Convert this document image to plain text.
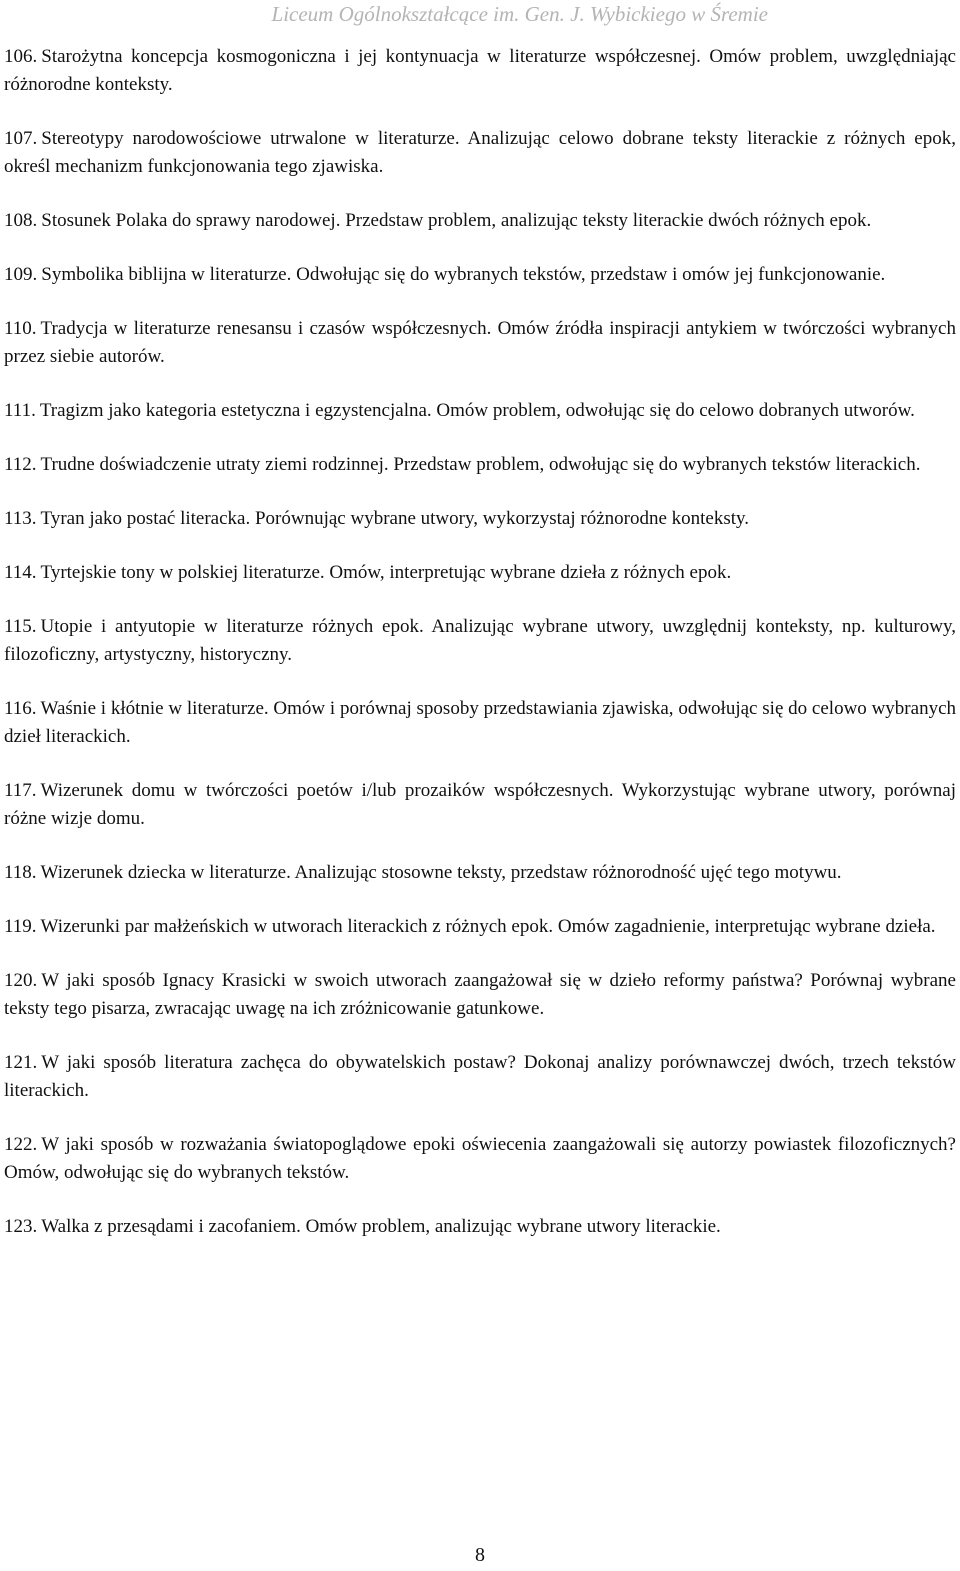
Liceum Ogólnokształcące im. Gen. J. Wybickiego w Śremie

106. Starożytna koncepcja kosmogoniczna i jej kontynuacja w literaturze współczesnej. Omów problem, uwzględniając różnorodne konteksty.

107. Stereotypy narodowościowe utrwalone w literaturze. Analizując celowo dobrane teksty literackie z różnych epok, określ mechanizm funkcjonowania tego zjawiska.

108. Stosunek Polaka do sprawy narodowej. Przedstaw problem, analizując teksty literackie dwóch różnych epok.

109. Symbolika biblijna w literaturze. Odwołując się do wybranych tekstów, przedstaw i omów jej funkcjonowanie.

110. Tradycja w literaturze renesansu i czasów współczesnych. Omów źródła inspiracji antykiem w twórczości wybranych przez siebie autorów.

111. Tragizm jako kategoria estetyczna i egzystencjalna. Omów problem, odwołując się do celowo dobranych utworów.

112. Trudne doświadczenie utraty ziemi rodzinnej. Przedstaw problem, odwołując się do wybranych tekstów literackich.

113. Tyran jako postać literacka. Porównując wybrane utwory, wykorzystaj różnorodne konteksty.

114. Tyrtejskie tony w polskiej literaturze. Omów, interpretując wybrane dzieła z różnych epok.

115. Utopie i antyutopie w literaturze różnych epok. Analizując wybrane utwory, uwzględnij konteksty, np. kulturowy, filozoficzny, artystyczny, historyczny.

116. Waśnie i kłótnie w literaturze. Omów i porównaj sposoby przedstawiania zjawiska, odwołując się do celowo wybranych dzieł literackich.

117. Wizerunek domu w twórczości poetów i/lub prozaików współczesnych. Wykorzystując wybrane utwory, porównaj różne wizje domu.

118. Wizerunek dziecka w literaturze. Analizując stosowne teksty, przedstaw różnorodność ujęć tego motywu.

119. Wizerunki par małżeńskich w utworach literackich z różnych epok. Omów zagadnienie, interpretując wybrane dzieła.

120. W jaki sposób Ignacy Krasicki w swoich utworach zaangażował się w dzieło reformy państwa? Porównaj wybrane teksty tego pisarza, zwracając uwagę na ich zróżnicowanie gatunkowe.

121. W jaki sposób literatura zachęca do obywatelskich postaw? Dokonaj analizy porównawczej dwóch, trzech tekstów literackich.

122. W jaki sposób w rozważania światopoglądowe epoki oświecenia zaangażowali się autorzy powiastek filozoficznych? Omów, odwołując się do wybranych tekstów.

123. Walka z przesądami i zacofaniem. Omów problem, analizując wybrane utwory literackie.

8
